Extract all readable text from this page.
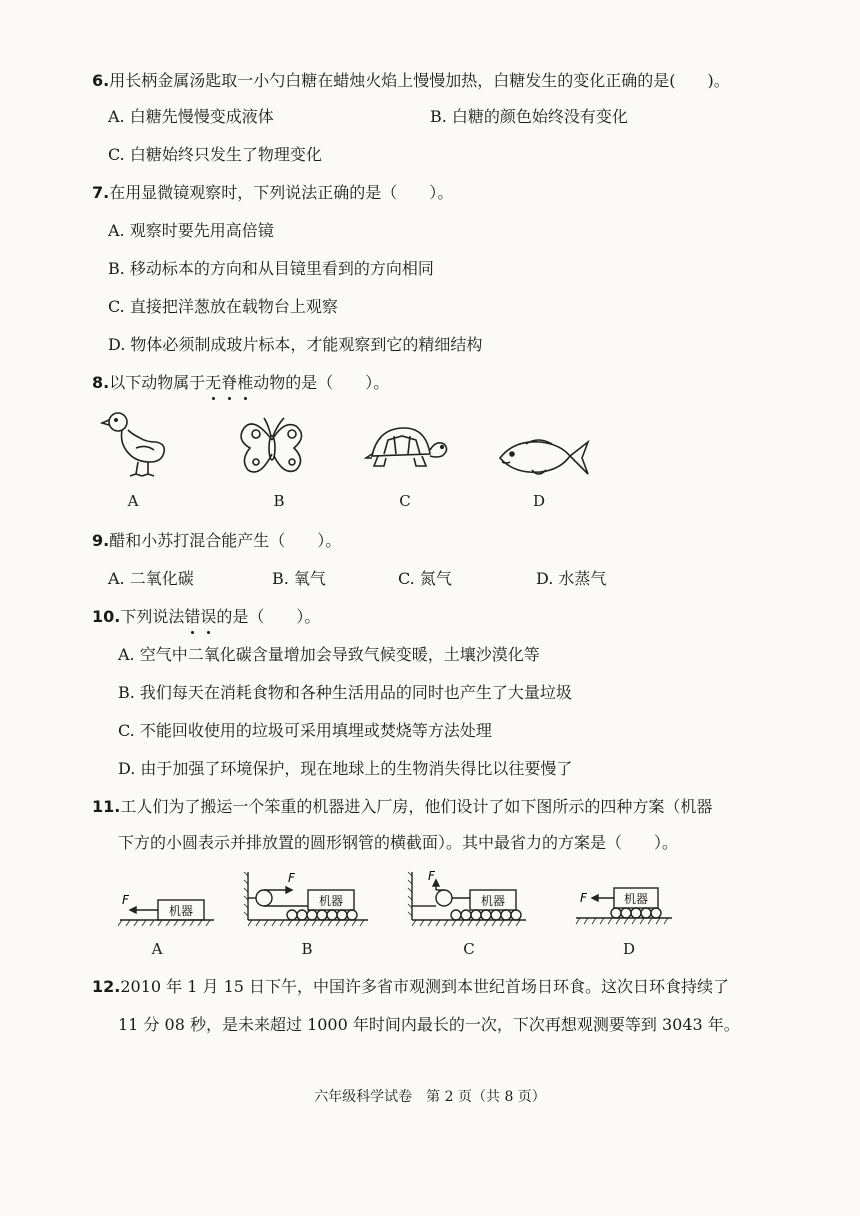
6.用长柄金属汤匙取一小勺白糖在蜡烛火焰上慢慢加热，白糖发生的变化正确的是(　　)。
A. 白糖先慢慢变成液体	B. 白糖的颜色始终没有变化
C. 白糖始终只发生了物理变化
7.在用显微镜观察时，下列说法正确的是（　　）。
A. 观察时要先用高倍镜
B. 移动标本的方向和从目镜里看到的方向相同
C. 直接把洋葱放在载物台上观察
D. 物体必须制成玻片标本，才能观察到它的精细结构
8.以下动物属于无脊椎动物的是（　　）。
A	B	C	D
9.醋和小苏打混合能产生（　　）。
A. 二氧化碳	B. 氧气	C. 氮气	D. 水蒸气
10.下列说法错误的是（　　）。
A. 空气中二氧化碳含量增加会导致气候变暖，土壤沙漠化等
B. 我们每天在消耗食物和各种生活用品的同时也产生了大量垃圾
C. 不能回收使用的垃圾可采用填埋或焚烧等方法处理
D. 由于加强了环境保护，现在地球上的生物消失得比以往要慢了
11.工人们为了搬运一个笨重的机器进入厂房，他们设计了如下图所示的四种方案（机器
下方的小圆表示并排放置的圆形钢管的横截面）。其中最省力的方案是（　　）。
F
机器
F
机器
F
机器	F	机器
A	B	C	D
12.2010 年 1 月 15 日下午，中国许多省市观测到本世纪首场日环食。这次日环食持续了
11 分 08 秒，是未来超过 1000 年时间内最长的一次，下次再想观测要等到 3043 年。
六年级科学试卷　第 2 页（共 8 页）
